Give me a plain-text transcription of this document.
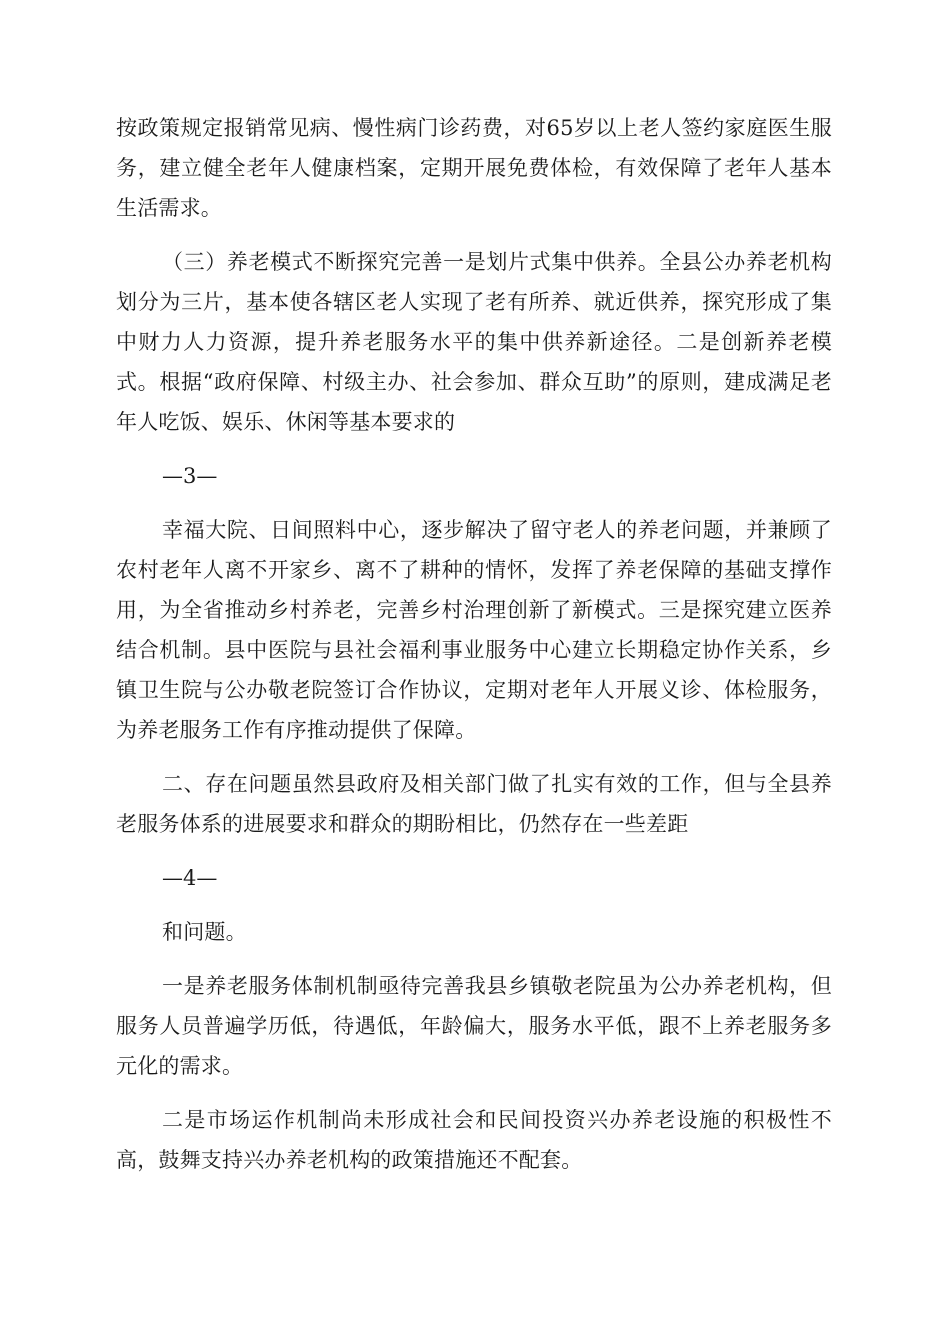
按政策规定报销常见病、慢性病门诊药费，对65岁以上老人签约家庭医生服务，建立健全老年人健康档案，定期开展免费体检，有效保障了老年人基本生活需求。

（三）养老模式不断探究完善一是划片式集中供养。全县公办养老机构划分为三片，基本使各辖区老人实现了老有所养、就近供养，探究形成了集中财力人力资源，提升养老服务水平的集中供养新途径。二是创新养老模式。根据“政府保障、村级主办、社会参加、群众互助”的原则，建成满足老年人吃饭、娱乐、休闲等基本要求的

—3—

幸福大院、日间照料中心，逐步解决了留守老人的养老问题，并兼顾了农村老年人离不开家乡、离不了耕种的情怀，发挥了养老保障的基础支撑作用，为全省推动乡村养老，完善乡村治理创新了新模式。三是探究建立医养结合机制。县中医院与县社会福利事业服务中心建立长期稳定协作关系，乡镇卫生院与公办敬老院签订合作协议，定期对老年人开展义诊、体检服务，为养老服务工作有序推动提供了保障。

二、存在问题虽然县政府及相关部门做了扎实有效的工作，但与全县养老服务体系的进展要求和群众的期盼相比，仍然存在一些差距

—4—

和问题。

一是养老服务体制机制亟待完善我县乡镇敬老院虽为公办养老机构，但服务人员普遍学历低，待遇低，年龄偏大，服务水平低，跟不上养老服务多元化的需求。

二是市场运作机制尚未形成社会和民间投资兴办养老设施的积极性不高，鼓舞支持兴办养老机构的政策措施还不配套。
